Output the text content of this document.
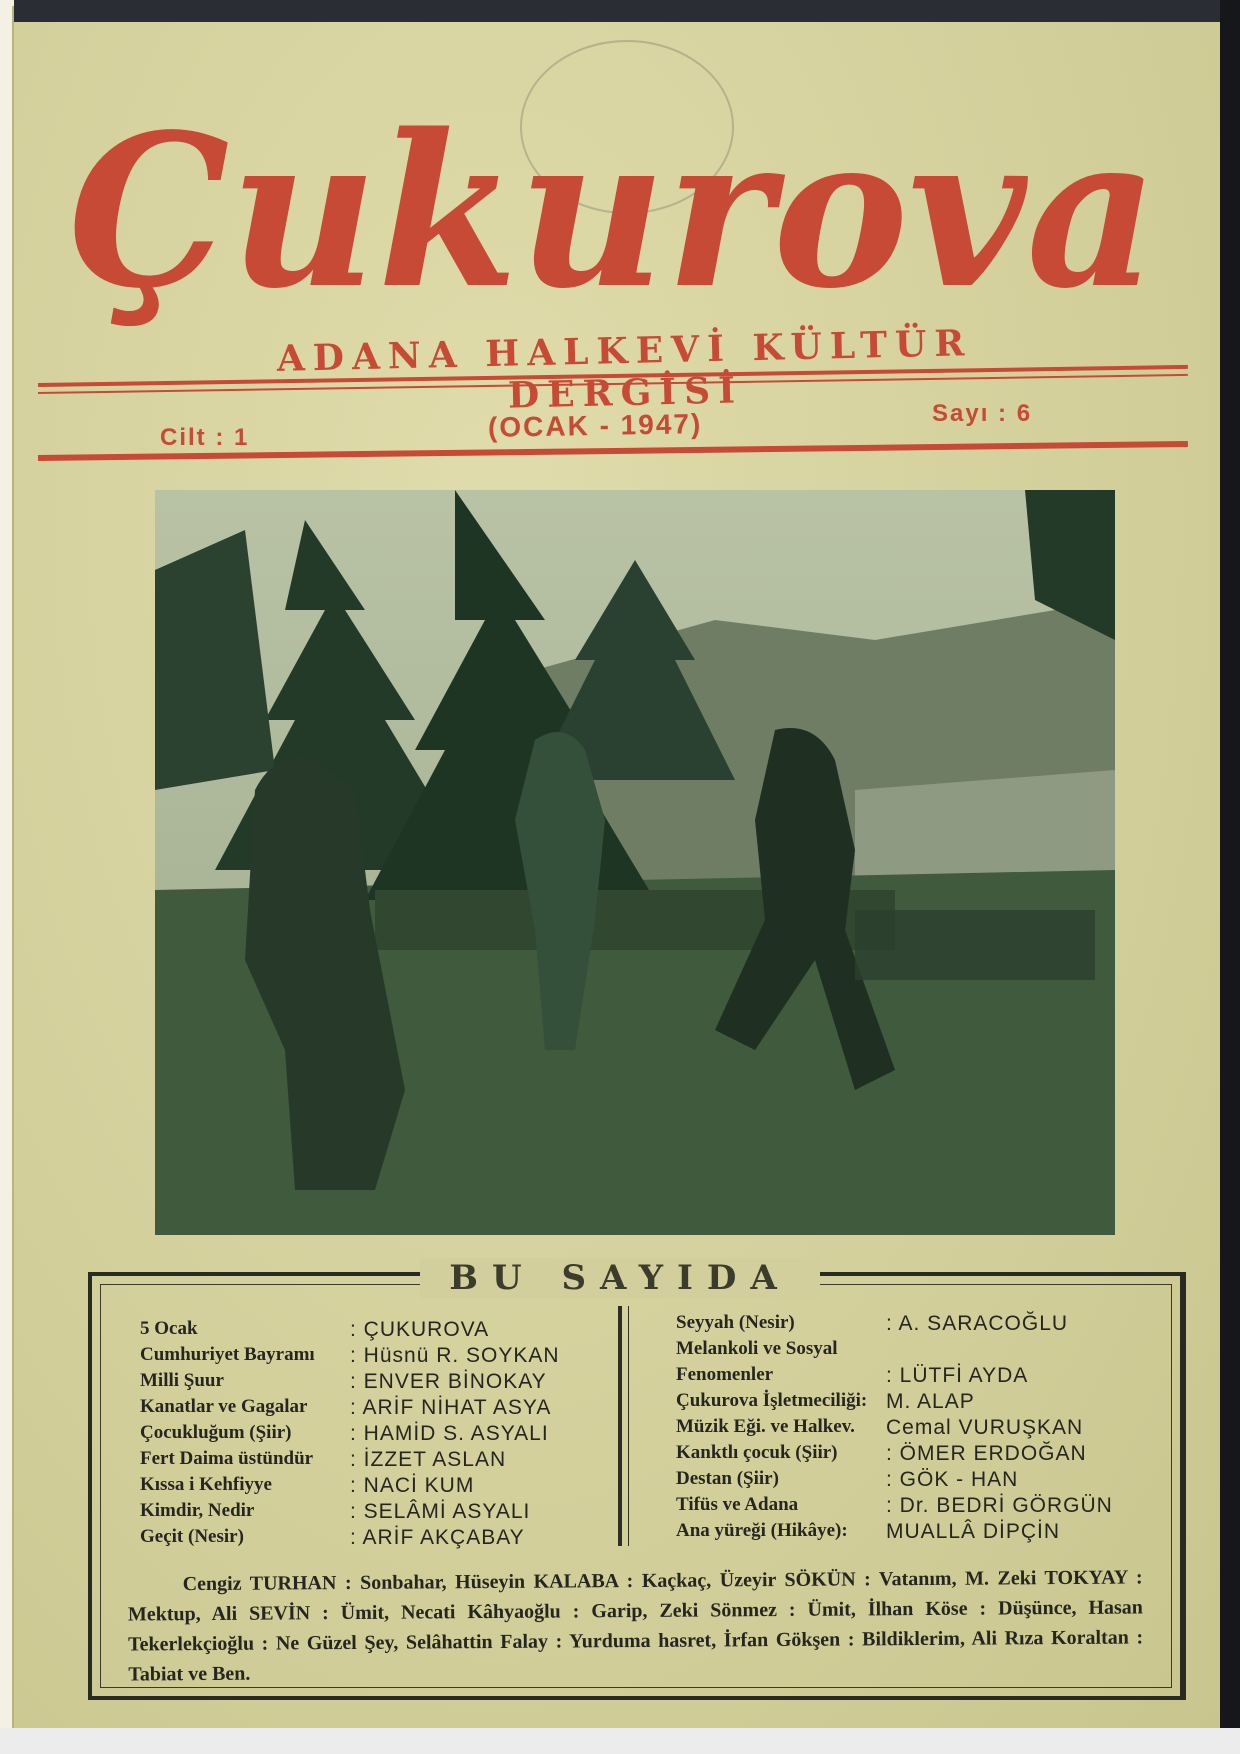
Çukurova
ADANA HALKEVİ KÜLTÜR DERGİSİ
Cilt : 1	(OCAK - 1947)	Sayı : 6
BU SAYIDA
5 Ocak	: ÇUKUROVA
Cumhuriyet Bayramı : Hüsnü R. SOYKAN
Milli Şuur	: ENVER BİNOKAY
Kanatlar ve Gagalar : ARİF NİHAT ASYA
Çocukluğum (Şiir)	: HAMİD S. ASYALI
Fert Daima üstündür : İZZET ASLAN
Kıssa i Kehfiyye	: NACİ KUM
Kimdir, Nedir	: SELÂMİ ASYALI
Geçit (Nesir)	: ARİF AKÇABAY
Seyyah (Nesir)	: A. SARACOĞLU
Melankoli ve Sosyal
Fenomenler	: LÜTFİ AYDA
Çukurova İşletmeciliği: M. ALAP
Müzik Eği. ve Halkev. Cemal VURUŞKAN
Kanktlı çocuk (Şiir) : ÖMER ERDOĞAN
Destan (Şiir)	: GÖK - HAN
Tifüs ve Adana	: Dr. BEDRİ GÖRGÜN
Ana yüreği (Hikâye): MUALLÂ DİPÇİN
Cengiz TURHAN : Sonbahar, Hüseyin KALABA : Kaçkaç, Üzeyir SÖKÜN : Vatanım, M. Zeki TOKYAY : Mektup, Ali SEVİN : Ümit, Necati Kâhyaoğlu : Garip, Zeki Sönmez : Ümit, İlhan Köse : Düşünce, Hasan Tekerlekçioğlu : Ne Güzel Şey, Selâhattin Falay : Yurduma hasret, İrfan Gökşen : Bildiklerim, Ali Rıza Koraltan : Tabiat ve Ben.
